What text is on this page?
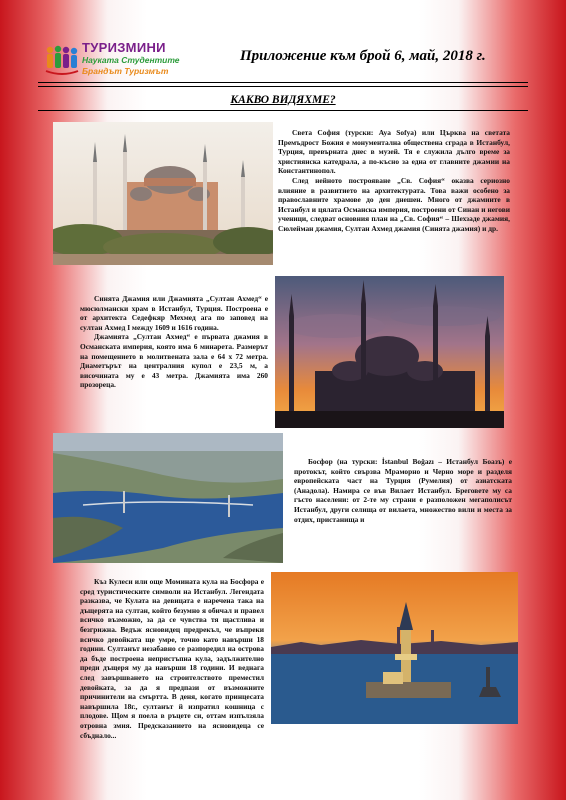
ТУРИЗМИНИ
Науката Студентите
Брандът Туризмът
Приложение към брой 6, май, 2018 г.
КАКВО ВИДЯХМЕ?

Света София (турски: Aya Sofya) или Църква на светата Премъдрост Божия е монументална обществена сграда в Истанбул, Турция, превърната днес в музей. Тя е служила дълго време за християнска катедрала, а по-късно за една от главните джамии на Константинопол.

След нейното построяване „Св. София“ оказва сериозно влияние в развитието на архитектурата. Това важи особено за православните храмове до ден днешен. Много от джамиите в Истанбул и цялата Османска империя, построени от Синан и негови ученици, следват основния план на „Св. София“ – Шехзаде джамия, Сюлейман джамия, Султан Ахмед джамия (Синята джамия) и др.

Синята Джамия или Джамията „Султан Ахмед“ е мюсюлмански храм в Истанбул, Турция. Построена е от архитекта Седефкяр Мехмед ага по заповед на султан Ахмед I между 1609 и 1616 година.

Джамията „Султан Ахмед“ е първата джамия в Османската империя, която има 6 минарета. Размерът на помещението в молитвената зала е 64 х 72 метра. Диаметърът на централния купол е 23,5 м, а височината му е 43 метра. Джамията има 260 прозореца.

Босфор (на турски: İstanbul Boğazı – Истанбул Боазъ) е протокът, който свързва Мраморно и Черно море и разделя европейската част на Турция (Румелия) от азиатската (Анадола). Намира се във Вилает Истанбул. Бреговете му са гъсто населени: от 2-те му страни е разположен мегаполисът Истанбул, други селища от вилаета, множество вили и места за отдих, пристанища и

Къз Кулеси или още Момината кула на Босфора е сред туристическите символи на Истанбул. Легендата разказва, че Кулата на девицата е наречена така на дъщерята на султан, който безумно я обичал и правел всичко възможно, за да се чувства тя щастлива и безгрижна. Ведъж ясновидец предрекъл, че въпреки всичко девойката ще умре, точно като навърши 18 години. Султанът незабавно се разпоредил на острова да бъде построена непристъпна кула, задължително преди дъщеря му да навърши 18 години. И веднага след завършването на строителството преместил девойката, за да я предпази от възможните причинители на смъртта. В деня, когато принцесата навършила 18г., султанът й изпратил кошница с плодове. Щом я поела в ръцете си, оттам изпълзяла отровна змия. Предсказанието на ясновидеца се сбъднало...
